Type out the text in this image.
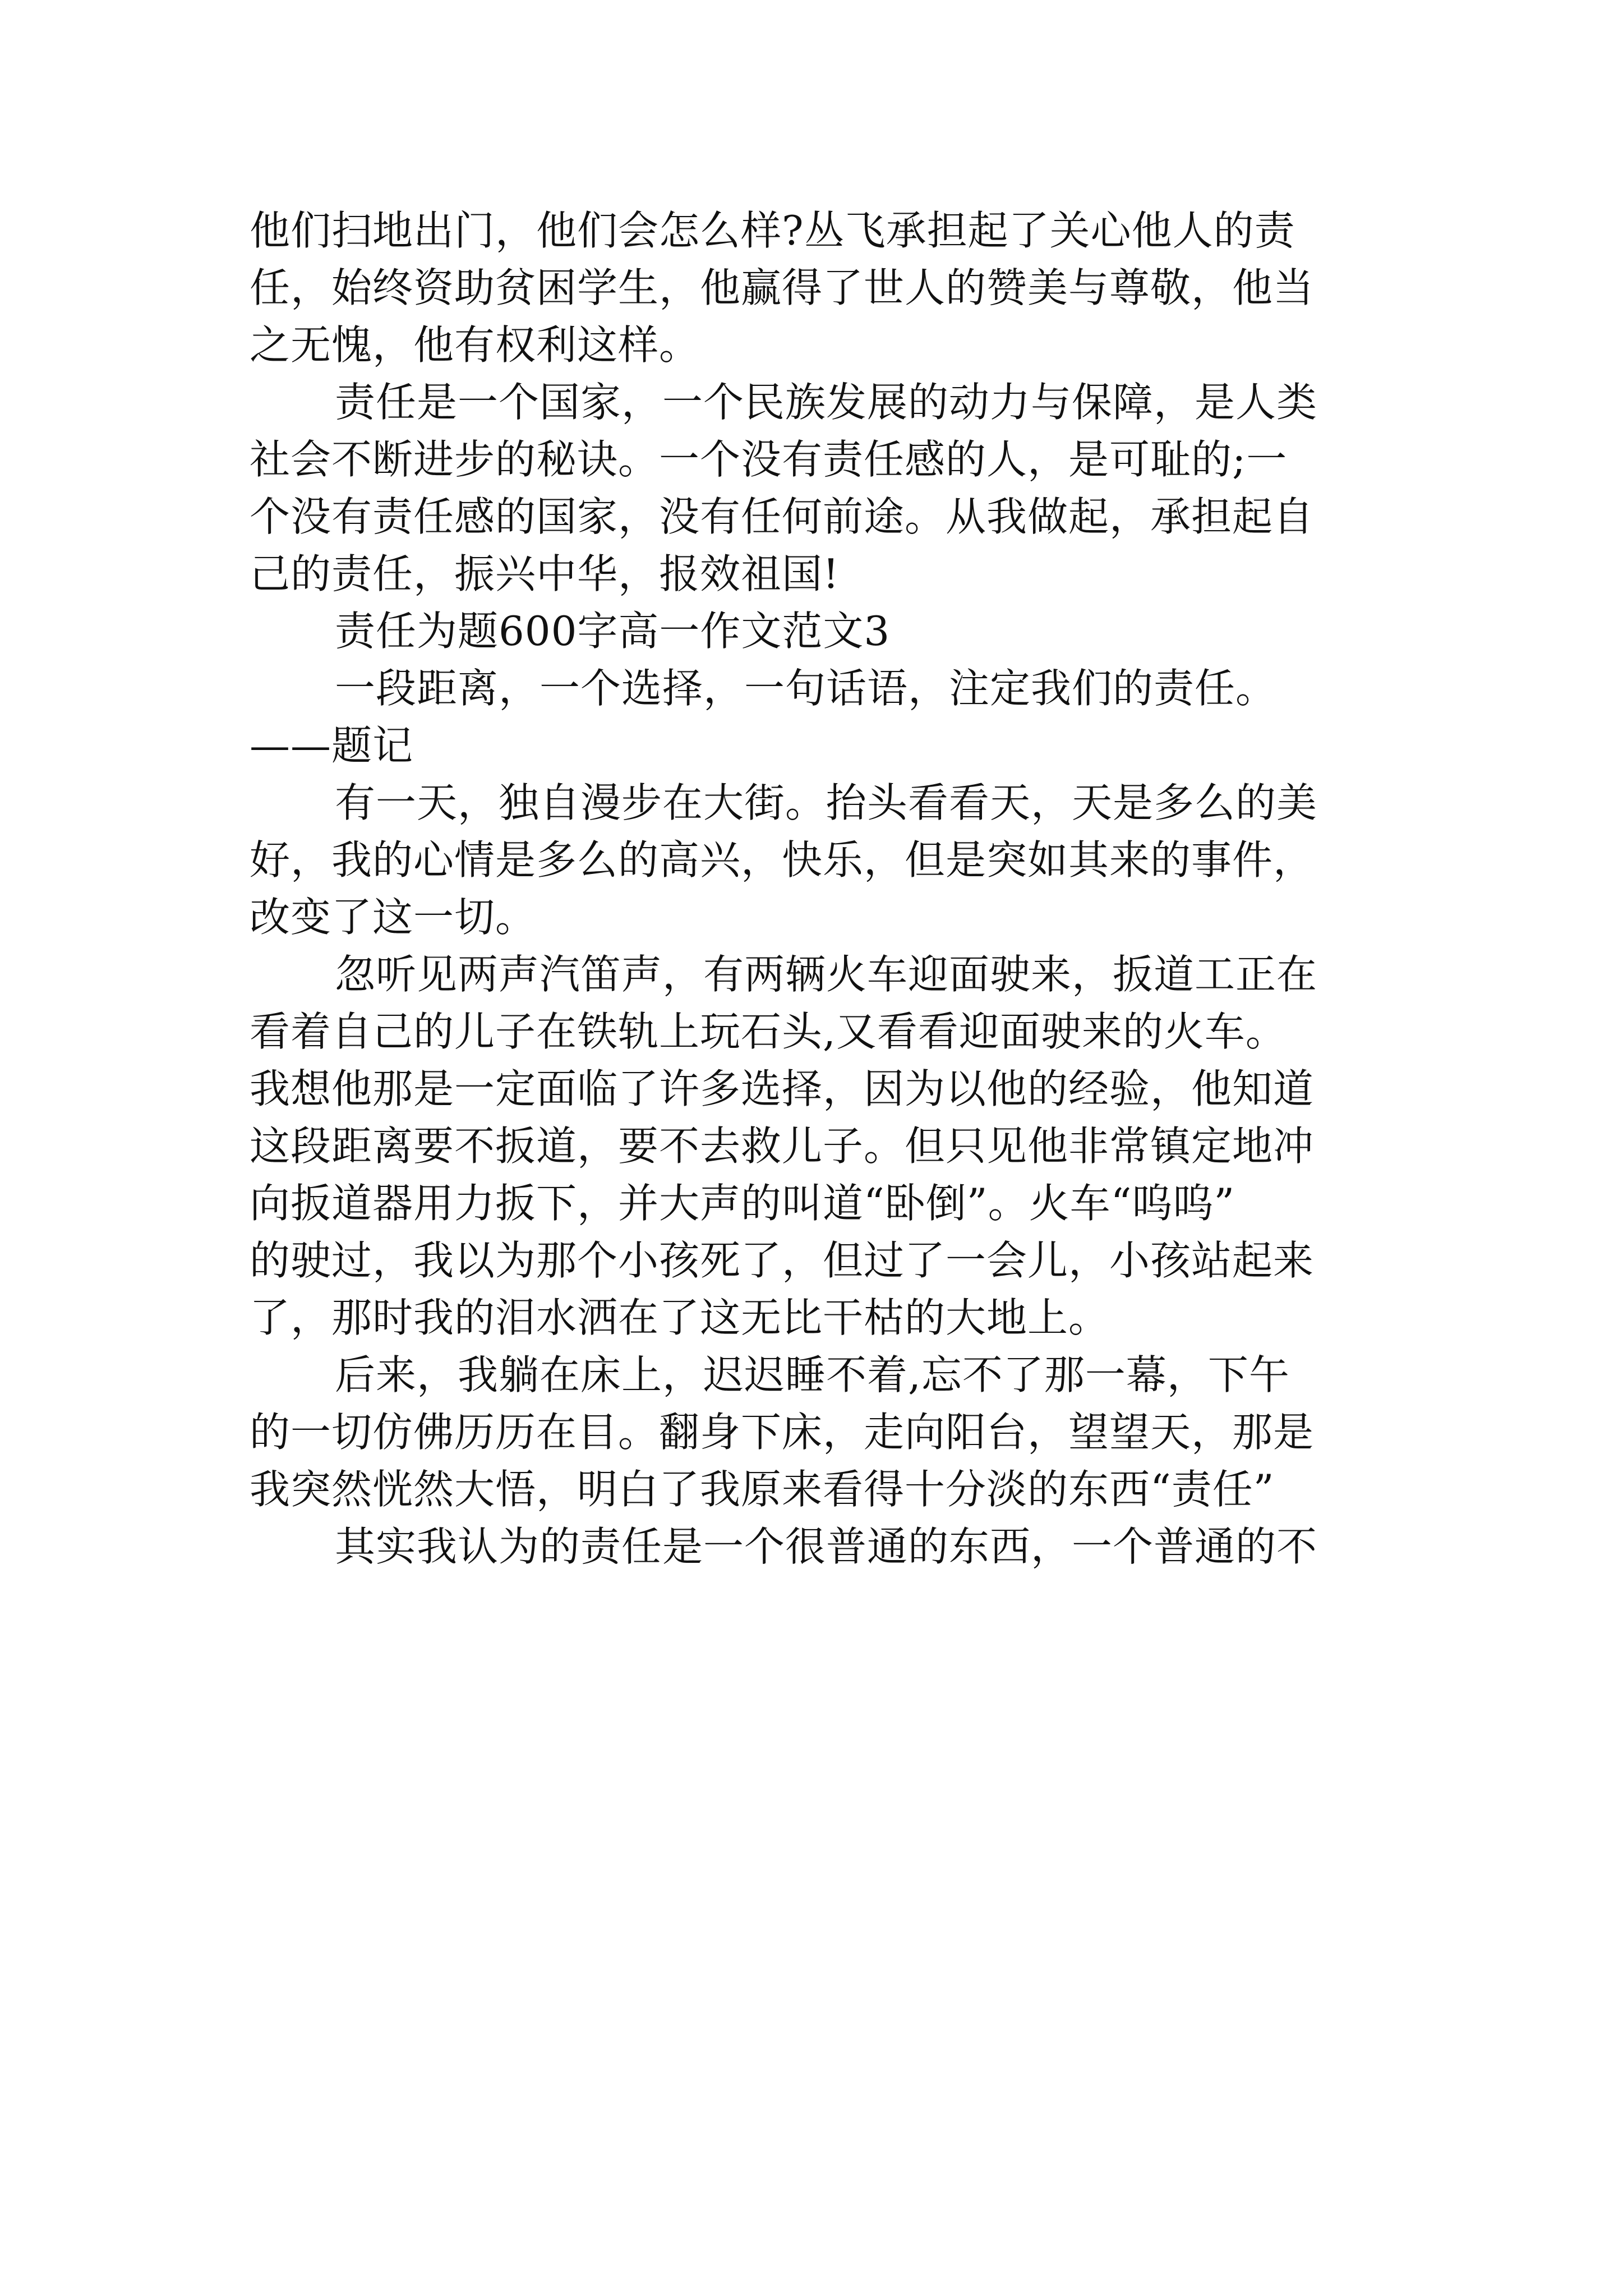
他们扫地出门，他们会怎么样?丛飞承担起了关心他人的责

任，始终资助贫困学生，他赢得了世人的赞美与尊敬，他当

之无愧，他有权利这样。

责任是一个国家，一个民族发展的动力与保障，是人类

社会不断进步的秘诀。一个没有责任感的人，是可耻的;一

个没有责任感的国家，没有任何前途。从我做起，承担起自

己的责任，振兴中华，报效祖国!

责任为题600字高一作文范文3

一段距离，一个选择，一句话语，注定我们的责任。

——题记

有一天，独自漫步在大街。抬头看看天，天是多么的美

好，我的心情是多么的高兴，快乐，但是突如其来的事件，

改变了这一切。

忽听见两声汽笛声，有两辆火车迎面驶来，扳道工正在

看着自己的儿子在铁轨上玩石头,又看看迎面驶来的火车。

我想他那是一定面临了许多选择，因为以他的经验，他知道

这段距离要不扳道，要不去救儿子。但只见他非常镇定地冲

向扳道器用力扳下，并大声的叫道“卧倒”。火车“呜呜”

的驶过，我以为那个小孩死了，但过了一会儿，小孩站起来

了，那时我的泪水洒在了这无比干枯的大地上。

后来，我躺在床上，迟迟睡不着,忘不了那一幕，下午

的一切仿佛历历在目。翻身下床，走向阳台，望望天，那是

我突然恍然大悟，明白了我原来看得十分淡的东西“责任”

其实我认为的责任是一个很普通的东西，一个普通的不
